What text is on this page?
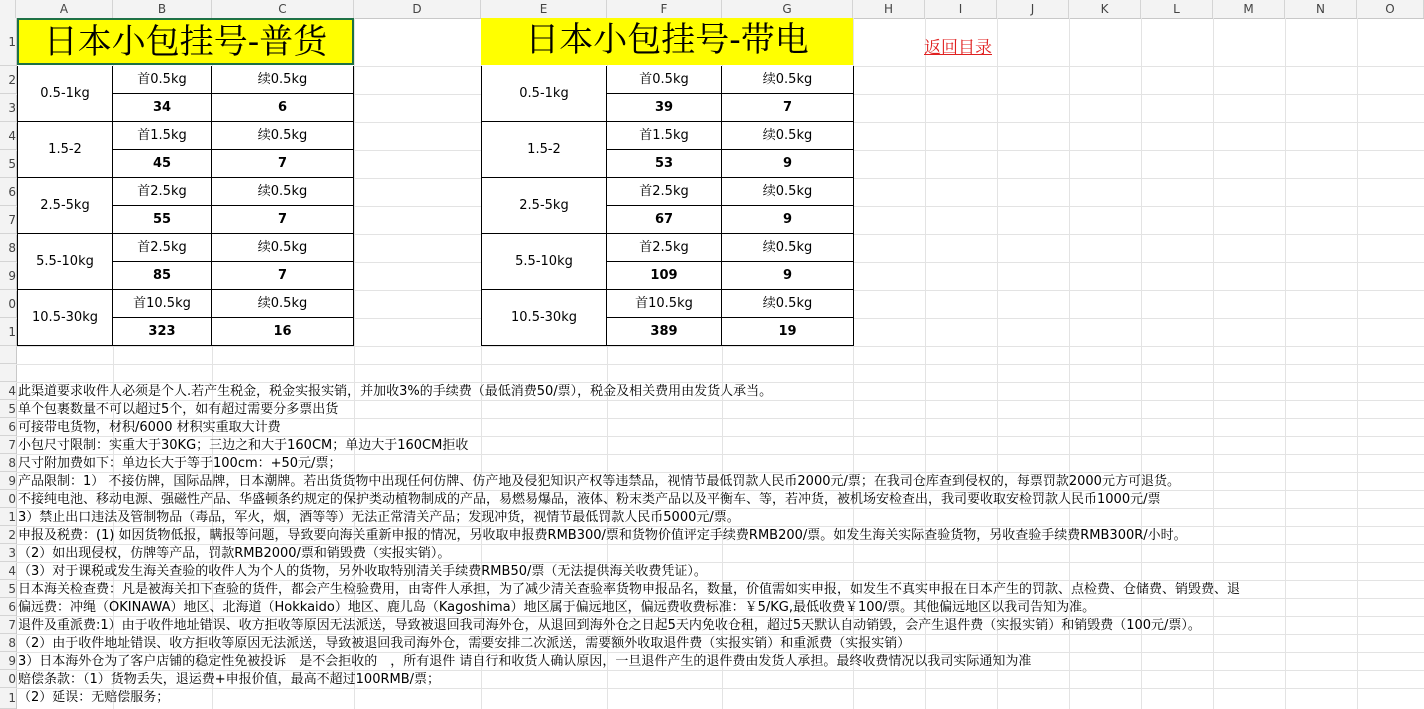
A	B	C	D	E	F	G	H	I	J	K	L	M	N	O
1
2
3
4
5
6
7
8
9
0
1
4
5
6
7
8
9
0
1
2
3
4
5
6
7
8
9
0
1
日本小包挂号-普货
0.5-1kg
首0.5kg	续0.5kg
34	6
1.5-2
首1.5kg	续0.5kg
45	7
2.5-5kg
首2.5kg	续0.5kg
55	7
5.5-10kg
首2.5kg	续0.5kg
85	7
10.5-30kg
首10.5kg	续0.5kg
323	16
日本小包挂号-带电
0.5-1kg
首0.5kg	续0.5kg
39	7
1.5-2
首1.5kg	续0.5kg
53	9
2.5-5kg
首2.5kg	续0.5kg
67	9
5.5-10kg
首2.5kg	续0.5kg
109	9
10.5-30kg
首10.5kg	续0.5kg
389	19
返回目录
此渠道要求收件人必须是个人.若产生税金，税金实报实销，并加收3%的手续费（最低消费50/票），税金及相关费用由发货人承当。
单个包裹数量不可以超过5个，如有超过需要分多票出货
可接带电货物，材积/6000 材积实重取大计费
小包尺寸限制：实重大于30KG；三边之和大于160CM；单边大于160CM拒收
尺寸附加费如下：单边长大于等于100cm：+50元/票；
产品限制：1） 不接仿牌，国际品牌，日本潮牌。若出货货物中出现任何仿牌、仿产地及侵犯知识产权等违禁品，视情节最低罚款人民币2000元/票；在我司仓库查到侵权的，每票罚款2000元方可退货。
不接纯电池、移动电源、强磁性产品、华盛顿条约规定的保护类动植物制成的产品，易燃易爆品，液体、粉末类产品以及平衡车、等，若冲货，被机场安检查出，我司要收取安检罚款人民币1000元/票
3）禁止出口违法及管制物品（毒品，军火，烟，酒等等）无法正常清关产品；发现冲货，视情节最低罚款人民币5000元/票。
申报及税费：(1) 如因货物低报，瞒报等问题，导致要向海关重新申报的情况，另收取申报费RMB300/票和货物价值评定手续费RMB200/票。如发生海关实际查验货物，另收查验手续费RMB300R/小时。
（2）如出现侵权，仿牌等产品，罚款RMB2000/票和销毁费（实报实销）。
（3）对于课税或发生海关查验的收件人为个人的货物，另外收取特别清关手续费RMB50/票（无法提供海关收费凭证）。
日本海关检查费：凡是被海关扣下查验的货件，都会产生检验费用，由寄件人承担，为了减少清关查验率货物申报品名，数量，价值需如实申报，如发生不真实申报在日本产生的罚款、点检费、仓储费、销毁费、退
偏远费：冲绳（OKINAWA）地区、北海道（Hokkaido）地区、鹿儿岛（Kagoshima）地区属于偏远地区，偏远费收费标准：￥5/KG,最低收费￥100/票。其他偏远地区以我司告知为准。
退件及重派费:1）由于收件地址错误、收方拒收等原因无法派送，导致被退回我司海外仓，从退回到海外仓之日起5天内免收仓租，超过5天默认自动销毁，会产生退件费（实报实销）和销毁费（100元/票）。
（2）由于收件地址错误、收方拒收等原因无法派送，导致被退回我司海外仓，需要安排二次派送，需要额外收取退件费（实报实销）和重派费（实报实销）
3）日本海外仓为了客户店铺的稳定性免被投诉　是不会拒收的　，所有退件 请自行和收货人确认原因，一旦退件产生的退件费由发货人承担。最终收费情况以我司实际通知为准
赔偿条款：（1）货物丢失，退运费+申报价值，最高不超过100RMB/票；
（2）延误：无赔偿服务；
